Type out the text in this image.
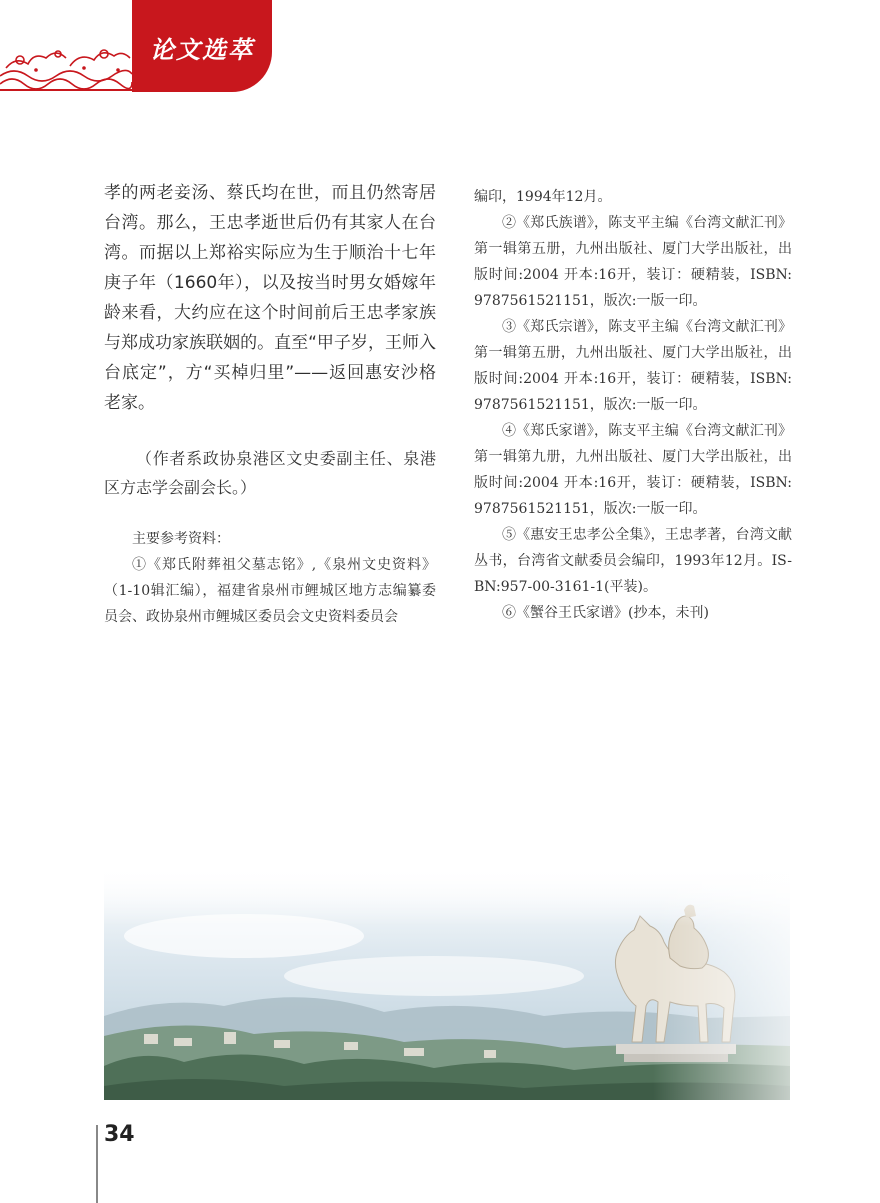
论文选萃

孝的两老妾汤、蔡氏均在世，而且仍然寄居台湾。那么，王忠孝逝世后仍有其家人在台湾。而据以上郑裕实际应为生于顺治十七年庚子年（1660年），以及按当时男女婚嫁年龄来看，大约应在这个时间前后王忠孝家族与郑成功家族联姻的。直至“甲子岁，王师入台底定”，方“买棹归里”——返回惠安沙格老家。

（作者系政协泉港区文史委副主任、泉港区方志学会副会长。）

主要参考资料：

①《郑氏附葬祖父墓志铭》,《泉州文史资料》（1-10辑汇编），福建省泉州市鲤城区地方志编纂委员会、政协泉州市鲤城区委员会文史资料委员会

编印，1994年12月。

②《郑氏族谱》，陈支平主编《台湾文献汇刊》第一辑第五册，九州出版社、厦门大学出版社，出版时间:2004 开本:16开，装订：硬精装，ISBN: 9787561521151，版次:一版一印。

③《郑氏宗谱》，陈支平主编《台湾文献汇刊》第一辑第五册，九州出版社、厦门大学出版社，出版时间:2004 开本:16开，装订：硬精装，ISBN: 9787561521151，版次:一版一印。

④《郑氏家谱》，陈支平主编《台湾文献汇刊》第一辑第九册，九州出版社、厦门大学出版社，出版时间:2004 开本:16开，装订：硬精装，ISBN: 9787561521151，版次:一版一印。

⑤《惠安王忠孝公全集》，王忠孝著，台湾文献丛书，台湾省文献委员会编印，1993年12月。IS-BN:957-00-3161-1(平装)。

⑥《蟹谷王氏家谱》(抄本，未刊)

34
